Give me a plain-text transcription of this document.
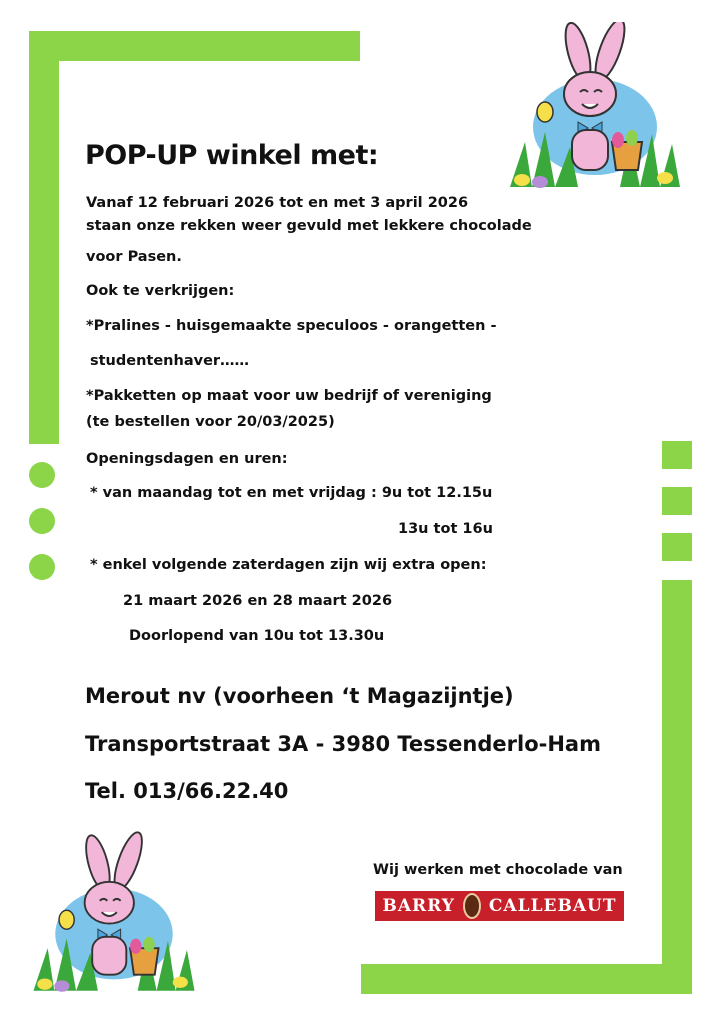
POP-UP winkel met:
Vanaf 12 februari 2026 tot en met 3 april 2026
staan onze rekken weer gevuld met lekkere chocolade
voor Pasen.
Ook te verkrijgen:
*Pralines - huisgemaakte speculoos - orangetten -
studentenhaver……
*Pakketten op maat voor uw bedrijf of vereniging
(te bestellen voor 20/03/2025)
Openingsdagen en uren:
* van maandag tot en met vrijdag : 9u tot 12.15u
13u tot 16u
* enkel volgende zaterdagen zijn wij extra open:
21 maart 2026 en 28 maart 2026
Doorlopend van 10u tot 13.30u
Merout nv (voorheen ‘t Magazijntje)
Transportstraat 3A - 3980 Tessenderlo-Ham
Tel. 013/66.22.40
Wij werken met chocolade van
BARRY CALLEBAUT
